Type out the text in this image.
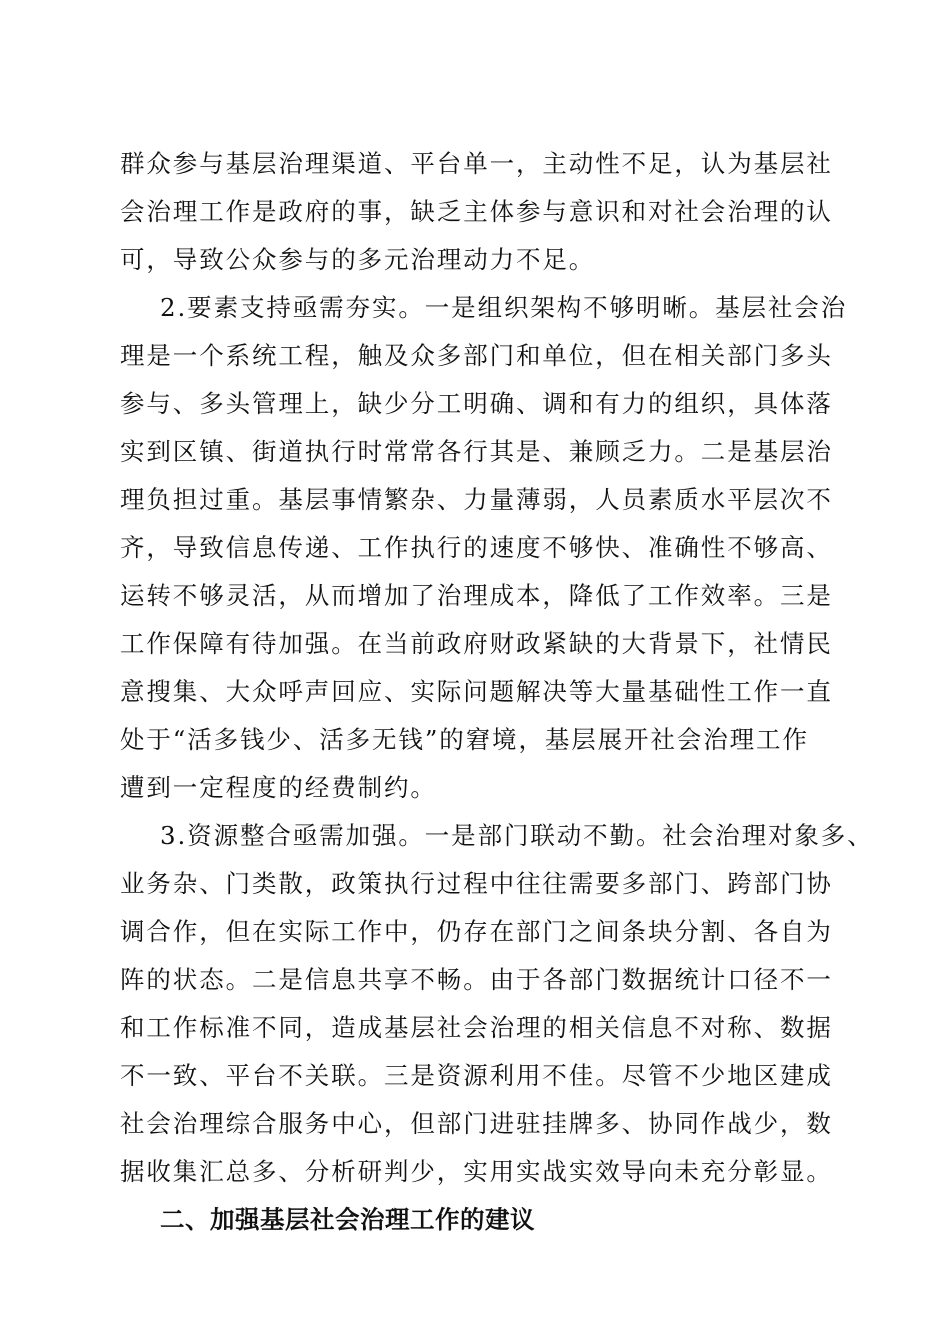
群众参与基层治理渠道、平台单一，主动性不足，认为基层社
会治理工作是政府的事，缺乏主体参与意识和对社会治理的认
可，导致公众参与的多元治理动力不足。
2.要素支持亟需夯实。一是组织架构不够明晰。基层社会治
理是一个系统工程，触及众多部门和单位，但在相关部门多头
参与、多头管理上，缺少分工明确、调和有力的组织，具体落
实到区镇、街道执行时常常各行其是、兼顾乏力。二是基层治
理负担过重。基层事情繁杂、力量薄弱，人员素质水平层次不
齐，导致信息传递、工作执行的速度不够快、准确性不够高、
运转不够灵活，从而增加了治理成本，降低了工作效率。三是
工作保障有待加强。在当前政府财政紧缺的大背景下，社情民
意搜集、大众呼声回应、实际问题解决等大量基础性工作一直
处于“活多钱少、活多无钱”的窘境，基层展开社会治理工作
遭到一定程度的经费制约。
3.资源整合亟需加强。一是部门联动不勤。社会治理对象多、
业务杂、门类散，政策执行过程中往往需要多部门、跨部门协
调合作，但在实际工作中，仍存在部门之间条块分割、各自为
阵的状态。二是信息共享不畅。由于各部门数据统计口径不一
和工作标准不同，造成基层社会治理的相关信息不对称、数据
不一致、平台不关联。三是资源利用不佳。尽管不少地区建成
社会治理综合服务中心，但部门进驻挂牌多、协同作战少，数
据收集汇总多、分析研判少，实用实战实效导向未充分彰显。
二、加强基层社会治理工作的建议
